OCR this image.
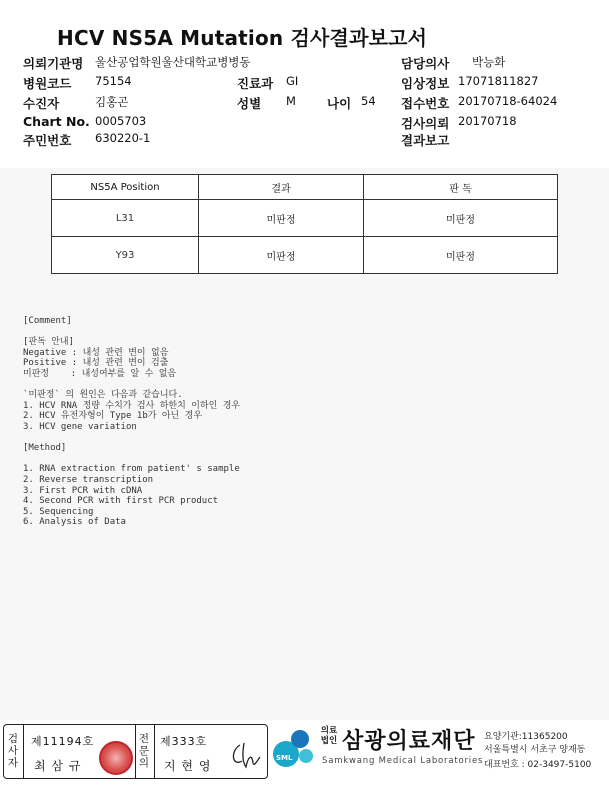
HCV NS5A Mutation 검사결과보고서
의뢰기관명 울산공업학원울산대학교병병동	담당의사 박능화
병원코드 75154	진료과 GI	임상정보 17071811827
수진자	김홍곤	성별 M 나이 54 접수번호 20170718-64024
Chart No. 0005703	검사의뢰 20170718
주민번호 630220-1	결과보고
NS5A Position	결과	판 독
L31	미판정	미판정
Y93	미판정	미판정
[Comment]

[판독 안내]
Negative : 내성 관련 변이 없음
Positive : 내성 관련 변이 검출
미판정    : 내성여부를 알 수 없음

`미판정` 의 원인은 다음과 같습니다.
1. HCV RNA 정량 수치가 검사 하한치 이하인 경우
2. HCV 유전자형이 Type 1b가 아닌 경우
3. HCV gene variation

[Method]

1. RNA extraction from patient' s sample
2. Reverse transcription
3. First PCR with cDNA
4. Second PCR with first PCR product
5. Sequencing
6. Analysis of Data
검사자
제11194호
최 삼 규
전문의
제333호
지 현 영
SML
의료법인 삼광의료재단
Samkwang Medical Laboratories
요양기관:11365200
서울특별시 서초구 양재동
대표번호 : 02-3497-5100
